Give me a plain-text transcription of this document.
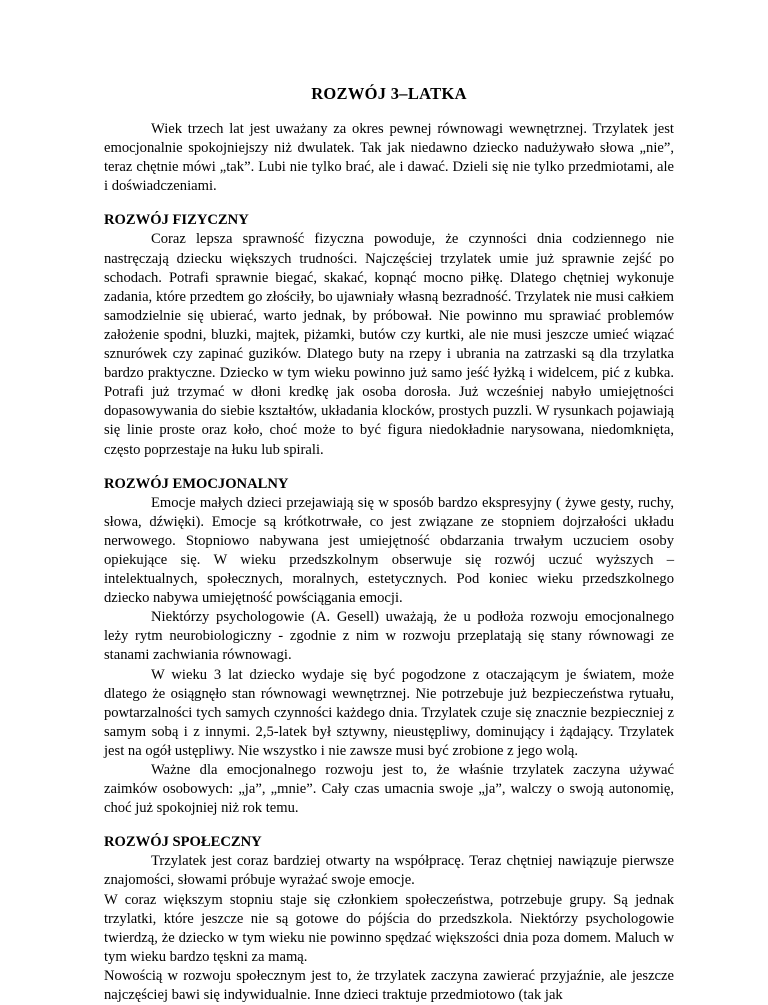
ROZWÓJ 3–LATKA

Wiek trzech lat jest uważany za okres pewnej równowagi wewnętrznej. Trzylatek jest emocjonalnie spokojniejszy niż dwulatek. Tak jak niedawno dziecko nadużywało słowa „nie”, teraz chętnie mówi „tak”. Lubi nie tylko brać, ale i dawać. Dzieli się nie tylko przedmiotami, ale i doświadczeniami.

ROZWÓJ FIZYCZNY

Coraz lepsza sprawność fizyczna powoduje, że czynności dnia codziennego nie nastręczają dziecku większych trudności. Najczęściej trzylatek umie już sprawnie zejść po schodach. Potrafi sprawnie biegać, skakać, kopnąć mocno piłkę. Dlatego chętniej wykonuje zadania, które przedtem go złościły, bo ujawniały własną bezradność. Trzylatek nie musi całkiem samodzielnie się ubierać, warto jednak, by próbował. Nie powinno mu sprawiać problemów założenie spodni, bluzki, majtek, piżamki, butów czy kurtki, ale nie musi jeszcze umieć wiązać sznurówek czy zapinać guzików. Dlatego buty na rzepy i ubrania na zatrzaski są dla trzylatka bardzo praktyczne. Dziecko w tym wieku powinno już samo jeść łyżką i widelcem, pić z kubka. Potrafi już trzymać w dłoni kredkę jak osoba dorosła. Już wcześniej nabyło umiejętności dopasowywania do siebie kształtów, układania klocków, prostych puzzli. W rysunkach pojawiają się linie proste oraz koło, choć może to być figura niedokładnie narysowana, niedomknięta, często poprzestaje na łuku lub spirali.

ROZWÓJ EMOCJONALNY

Emocje małych dzieci przejawiają się w sposób bardzo ekspresyjny ( żywe gesty, ruchy, słowa, dźwięki). Emocje są krótkotrwałe, co jest związane ze stopniem dojrzałości układu nerwowego. Stopniowo nabywana jest umiejętność obdarzania trwałym uczuciem osoby opiekujące się. W wieku przedszkolnym obserwuje się rozwój uczuć wyższych – intelektualnych, społecznych, moralnych, estetycznych. Pod koniec wieku przedszkolnego dziecko nabywa umiejętność powściągania emocji.

Niektórzy psychologowie (A. Gesell) uważają, że u podłoża rozwoju emocjonalnego leży rytm neurobiologiczny - zgodnie z nim w rozwoju przeplatają się stany równowagi ze stanami zachwiania równowagi.

W wieku 3 lat dziecko wydaje się być pogodzone z otaczającym je światem, może dlatego że osiągnęło stan równowagi wewnętrznej. Nie potrzebuje już bezpieczeństwa rytuału, powtarzalności tych samych czynności każdego dnia. Trzylatek czuje się znacznie bezpieczniej z samym sobą i z innymi. 2,5-latek był sztywny, nieustępliwy, dominujący i żądający. Trzylatek jest na ogół ustępliwy. Nie wszystko i nie zawsze musi być zrobione z jego wolą.

Ważne dla emocjonalnego rozwoju jest to, że właśnie trzylatek zaczyna używać zaimków osobowych: „ja”, „mnie”. Cały czas umacnia swoje „ja”, walczy o swoją autonomię, choć już spokojniej niż rok temu.

ROZWÓJ SPOŁECZNY

Trzylatek jest coraz bardziej otwarty na współpracę. Teraz chętniej nawiązuje pierwsze znajomości, słowami próbuje wyrażać swoje emocje.

W coraz większym stopniu staje się członkiem społeczeństwa, potrzebuje grupy. Są jednak trzylatki, które jeszcze nie są gotowe do pójścia do przedszkola. Niektórzy psychologowie twierdzą, że dziecko w tym wieku nie powinno spędzać większości dnia poza domem. Maluch w tym wieku bardzo tęskni za mamą.

Nowością w rozwoju społecznym jest to, że trzylatek zaczyna zawierać przyjaźnie, ale jeszcze najczęściej bawi się indywidualnie. Inne dzieci traktuje przedmiotowo (tak jak
